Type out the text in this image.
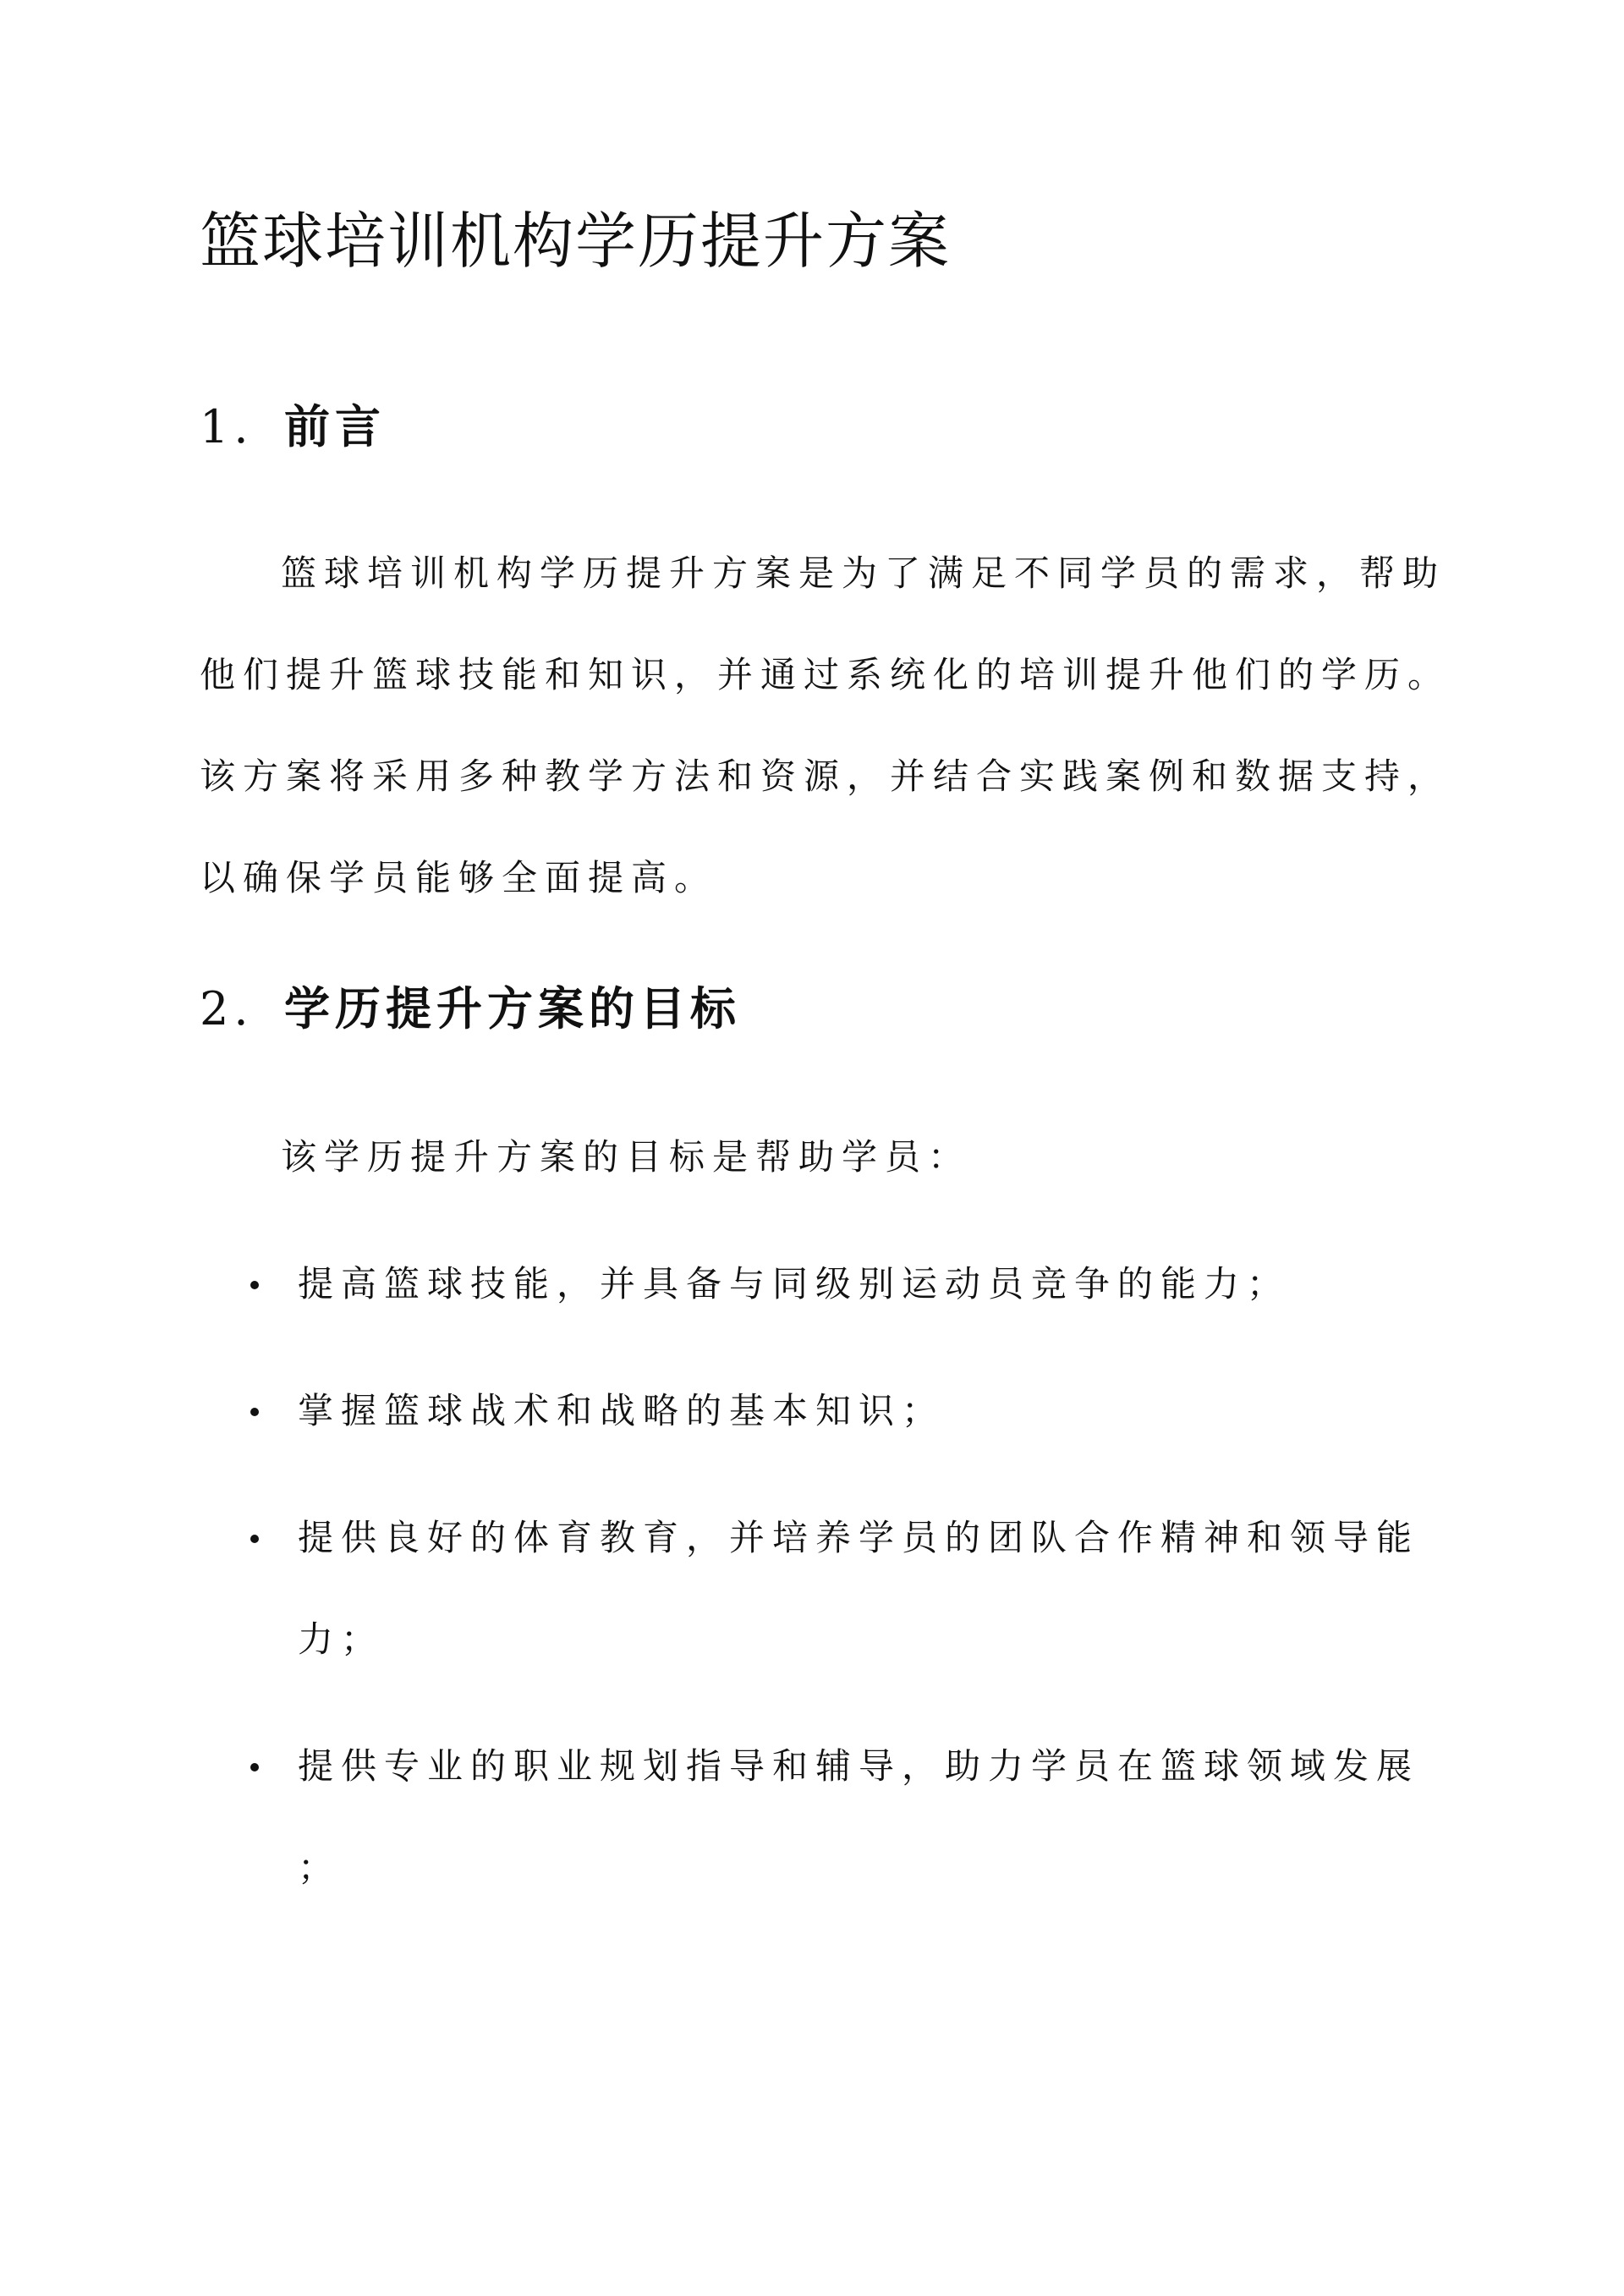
篮球培训机构学历提升方案
1. 前言

篮球培训机构学历提升方案是为了满足不同学员的需求，帮助
他们提升篮球技能和知识，并通过系统化的培训提升他们的学历。
该方案将采用多种教学方法和资源，并结合实践案例和数据支持，
以确保学员能够全面提高。

2. 学历提升方案的目标

该学历提升方案的目标是帮助学员：

提高篮球技能，并具备与同级别运动员竞争的能力；
掌握篮球战术和战略的基本知识；
提供良好的体育教育，并培养学员的团队合作精神和领导能
力；
提供专业的职业规划指导和辅导，助力学员在篮球领域发展
；
